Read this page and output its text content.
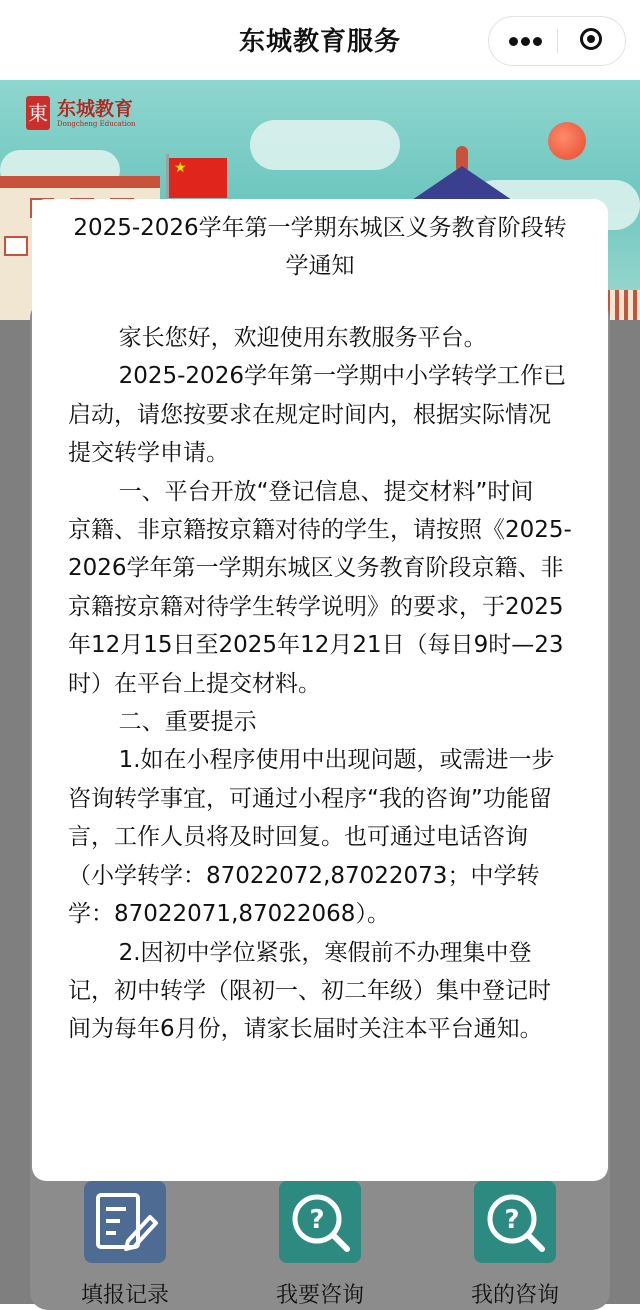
东城教育服务
東 东城教育
Dongcheng Education
★
2025-2026学年第一学期东城区义务教育阶段转学通知

家长您好，欢迎使用东教服务平台。

2025-2026学年第一学期中小学转学工作已启动，请您按要求在规定时间内，根据实际情况提交转学申请。

一、平台开放“登记信息、提交材料”时间

京籍、非京籍按京籍对待的学生，请按照《2025-2026学年第一学期东城区义务教育阶段京籍、非京籍按京籍对待学生转学说明》的要求，于2025年12月15日至2025年12月21日（每日9时—23时）在平台上提交材料。

二、重要提示

1.如在小程序使用中出现问题，或需进一步咨询转学事宜，可通过小程序“我的咨询”功能留言，工作人员将及时回复。也可通过电话咨询（小学转学：87022072,87022073；中学转学：87022071,87022068）。

2.因初中学位紧张，寒假前不办理集中登记，初中转学（限初一、初二年级）集中登记时间为每年6月份，请家长届时关注本平台通知。

?	?
填报记录	我要咨询	我的咨询
